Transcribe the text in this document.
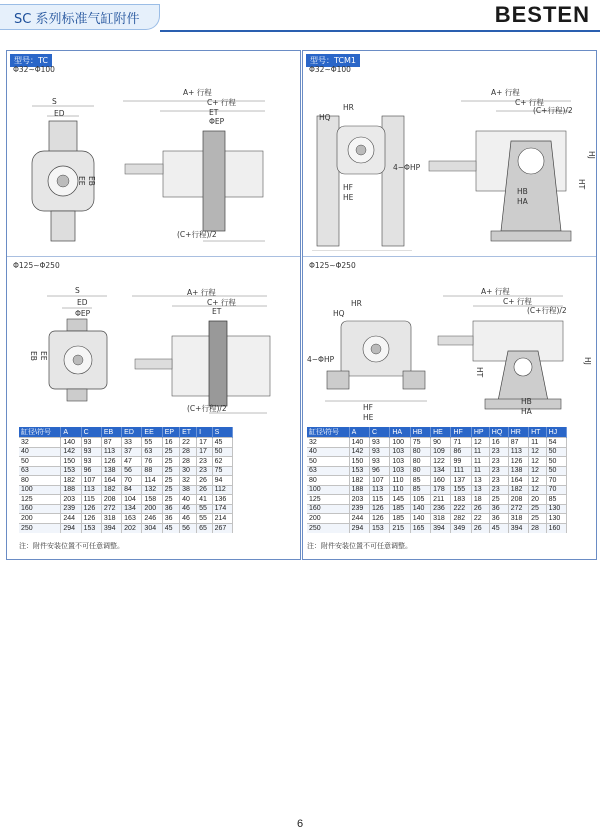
SC 系列标准气缸附件	BESTEN
型号：TC
Φ32~Φ100
S
ED
EE EB
A+ 行程
C+ 行程
ET
ΦEP
(C+行程)/2
Φ125~Φ250
S
ED
ΦEP
EB EE
A+ 行程
C+ 行程
ET
(C+行程)/2
缸径\符号	A	C	EB	ED	EE	EP	ET	I	S
32	140	93	87	33	55	16	22	17	45
40	142	93	113	37	63	25	28	17	50
50	150	93	126	47	76	25	28	23	62
63	153	96	138	56	88	25	30	23	75
80	182	107	164	70	114	25	32	26	94
100	188	113	182	84	132	25	38	26	112
125	203	115	208	104	158	25	40	41	136
160	239	126	272	134	200	36	46	55	174
200	244	126	318	163	246	36	46	55	214
250	294	153	394	202	304	45	56	65	267
注：附件安装位置不可任意调整。
型号：TCM1
Φ32~Φ100
HR
HQ
4−ΦHP
HF
HE
A+ 行程
C+ 行程
(C+行程)/2
HB
HA
HT
HJ
Φ125~Φ250
HR
HQ
4−ΦHP
HF
HE
A+ 行程
C+ 行程
(C+行程)/2
HB
HA
HT
HJ
缸径\符号	A	C	HA	HB	HE	HF	HP	HQ	HR	HT	HJ
32	140	93	100	75	90	71	12	16	87	11	54
40	142	93	103	80	109	86	11	23	113	12	50
50	150	93	103	80	122	99	11	23	126	12	50
63	153	96	103	80	134	111	11	23	138	12	50
80	182	107	110	85	160	137	13	23	164	12	70
100	188	113	110	85	178	155	13	23	182	12	70
125	203	115	145	105	211	183	18	25	208	20	85
160	239	126	185	140	236	222	26	36	272	25	130
200	244	126	185	140	318	282	22	36	318	25	130
250	294	153	215	165	394	349	26	45	394	28	160
注：附件安装位置不可任意调整。
6
